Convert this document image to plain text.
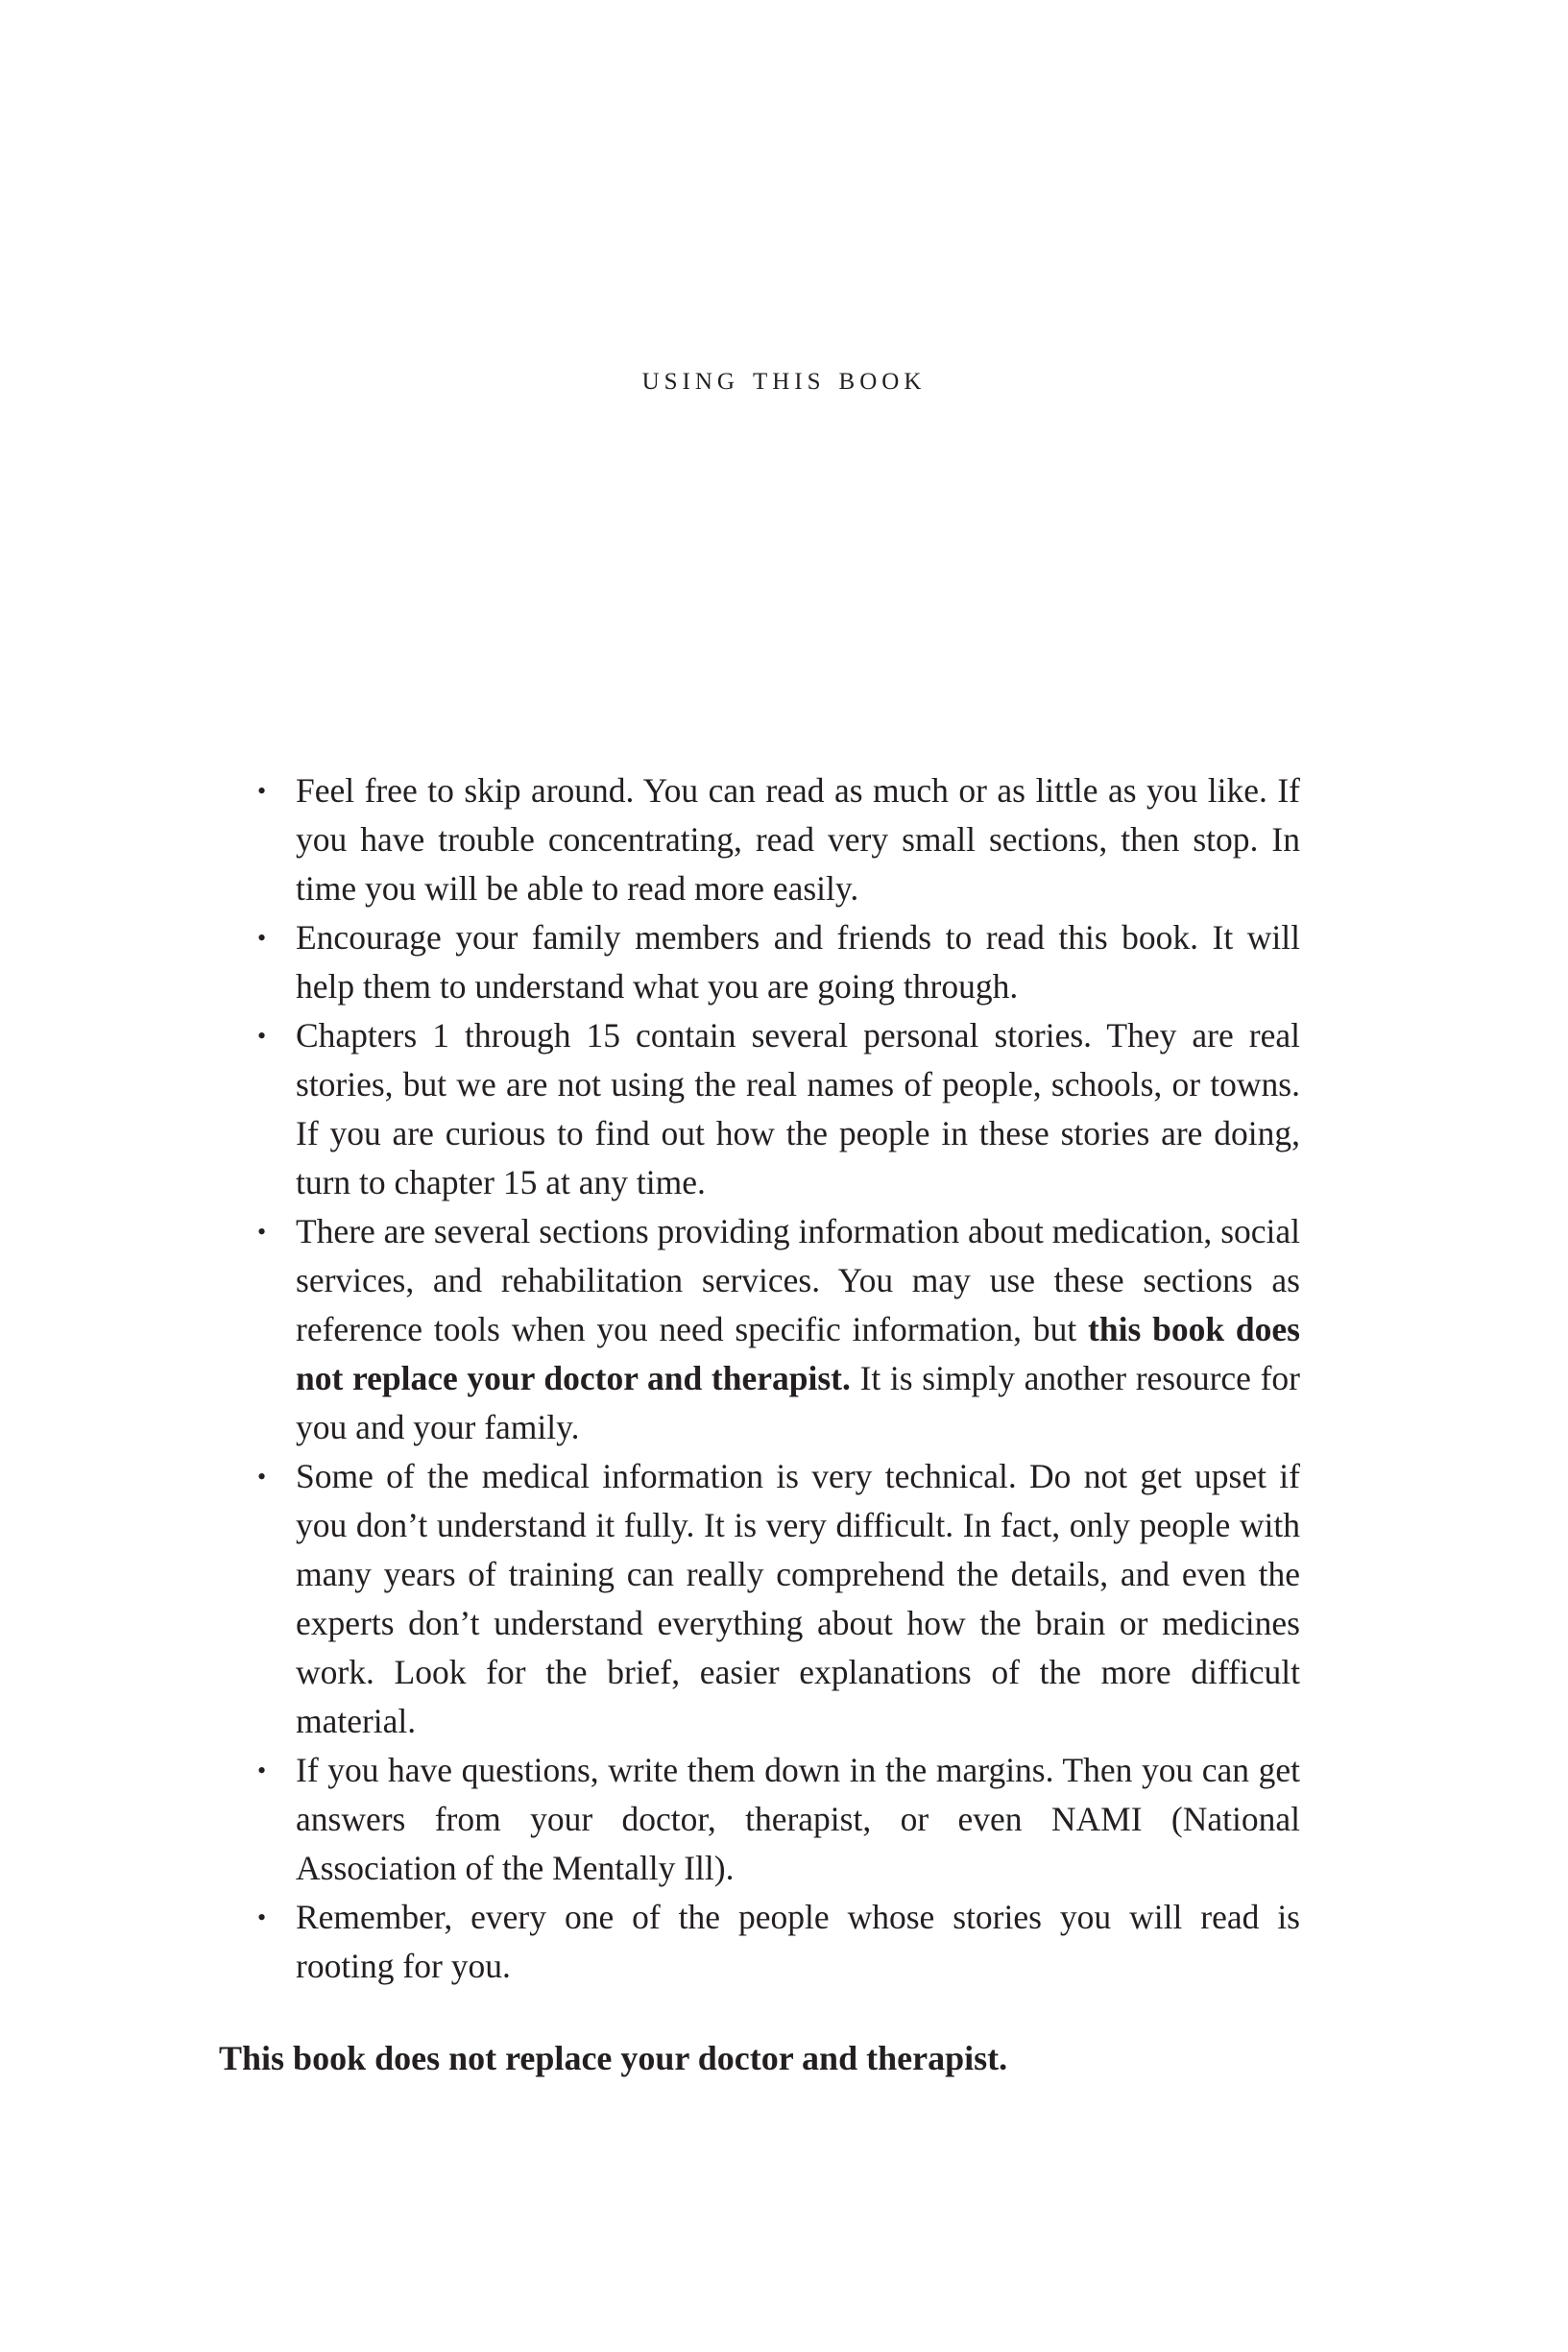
using this book
• Feel free to skip around. You can read as much or as little as you like. If you have trouble concentrating, read very small sections, then stop. In time you will be able to read more easily.
• Encourage your family members and friends to read this book. It will help them to understand what you are going through.
• Chapters 1 through 15 contain several personal stories. They are real stories, but we are not using the real names of people, schools, or towns. If you are curious to find out how the people in these stories are doing, turn to chapter 15 at any time.
• There are several sections providing information about medication, social services, and rehabilitation services. You may use these sections as reference tools when you need specific information, but this book does not replace your doctor and therapist. It is simply another resource for you and your family.
• Some of the medical information is very technical. Do not get upset if you don’t understand it fully. It is very difficult. In fact, only people with many years of training can really comprehend the details, and even the experts don’t understand everything about how the brain or medicines work. Look for the brief, easier explanations of the more difficult material.
• If you have questions, write them down in the margins. Then you can get answers from your doctor, therapist, or even NAMI (National Association of the Mentally Ill).
• Remember, every one of the people whose stories you will read is rooting for you.

This book does not replace your doctor and therapist.
